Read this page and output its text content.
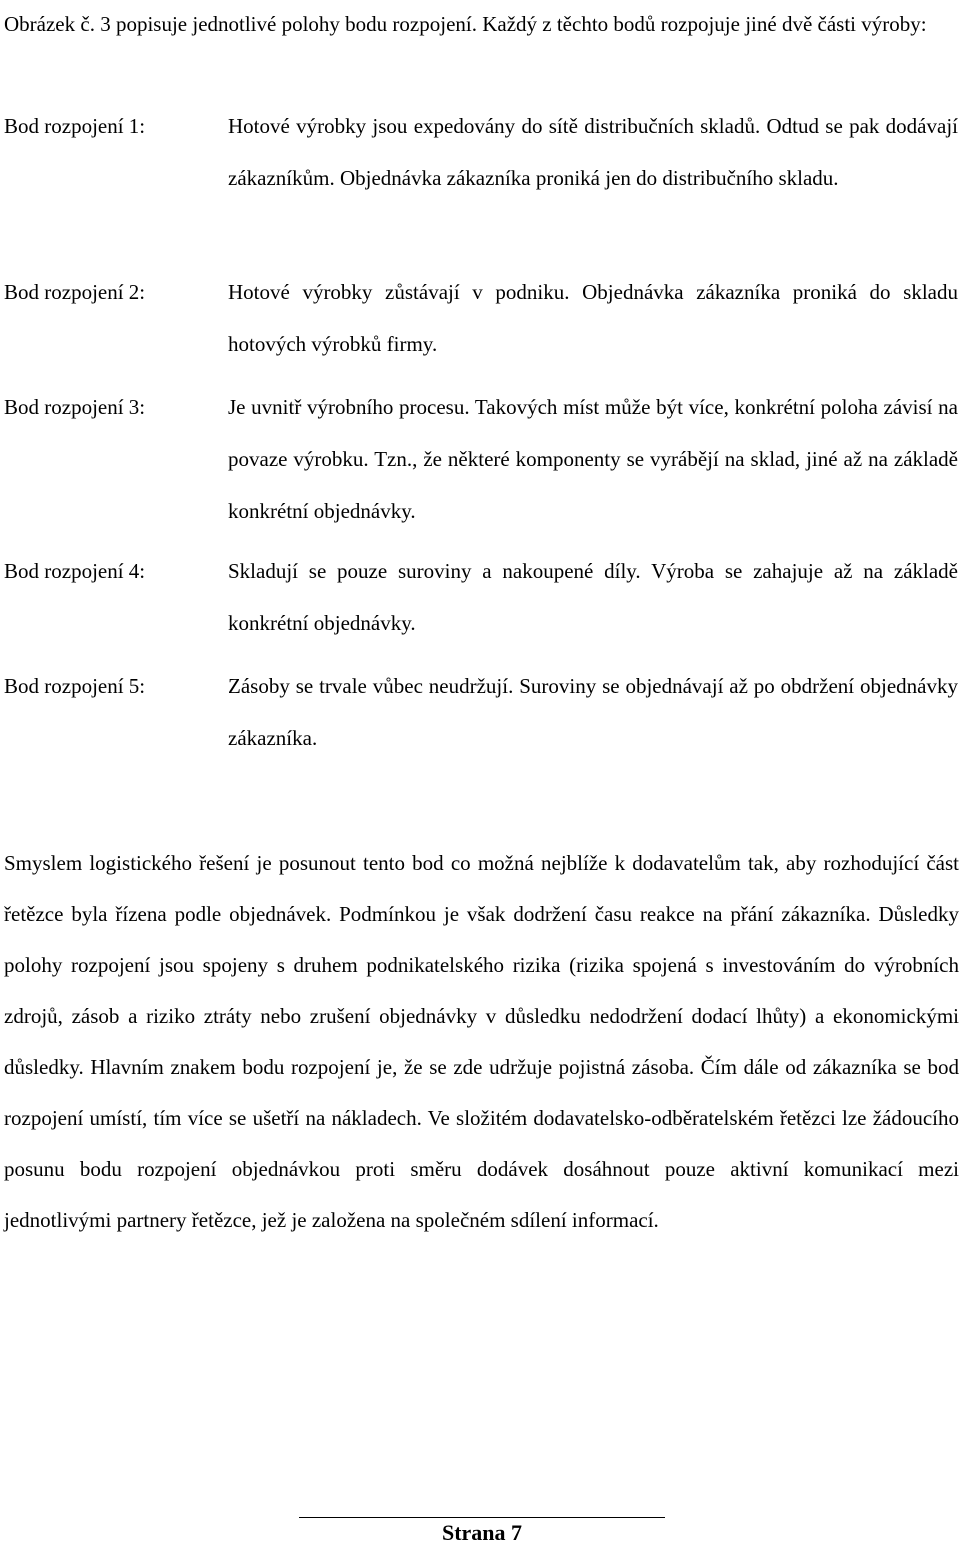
Obrázek č. 3 popisuje jednotlivé polohy bodu rozpojení. Každý z těchto bodů rozpojuje jiné dvě části výroby:

Bod rozpojení 1:	Hotové výrobky jsou expedovány do sítě distribučních skladů. Odtud se pak dodávají zákazníkům. Objednávka zákazníka proniká jen do distribučního skladu.

Bod rozpojení 2:	Hotové výrobky zůstávají v podniku. Objednávka zákazníka proniká do skladu hotových výrobků firmy.

Bod rozpojení 3:	Je uvnitř výrobního procesu. Takových míst může být více, konkrétní poloha závisí na povaze výrobku. Tzn., že některé komponenty se vyrábějí na sklad, jiné až na základě konkrétní objednávky.

Bod rozpojení 4:	Skladují se pouze suroviny a nakoupené díly. Výroba se zahajuje až na základě konkrétní objednávky.

Bod rozpojení 5:	Zásoby se trvale vůbec neudržují. Suroviny se objednávají až po obdržení objednávky zákazníka.

Smyslem logistického řešení je posunout tento bod co možná nejblíže k dodavatelům tak, aby rozhodující část řetězce byla řízena podle objednávek. Podmínkou je však dodržení času reakce na přání zákazníka. Důsledky polohy rozpojení jsou spojeny s druhem podnikatelského rizika (rizika spojená s investováním do výrobních zdrojů, zásob a riziko ztráty nebo zrušení objednávky v důsledku nedodržení dodací lhůty) a ekonomickými důsledky. Hlavním znakem bodu rozpojení je, že se zde udržuje pojistná zásoba. Čím dále od zákazníka se bod rozpojení umístí, tím více se ušetří na nákladech. Ve složitém dodavatelsko-odběratelském řetězci lze žádoucího posunu bodu rozpojení objednávkou proti směru dodávek dosáhnout pouze aktivní komunikací mezi jednotlivými partnery řetězce, jež je založena na společném sdílení informací.

Strana 7
